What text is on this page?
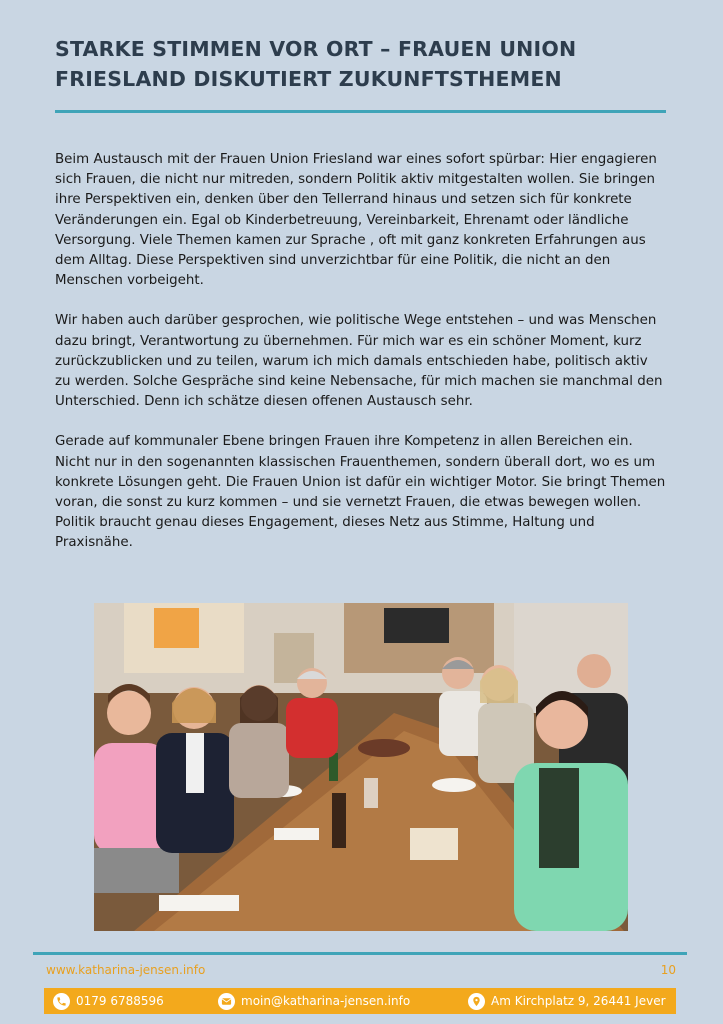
STARKE STIMMEN VOR ORT – FRAUEN UNION FRIESLAND DISKUTIERT ZUKUNFTSTHEMEN

Beim Austausch mit der Frauen Union Friesland war eines sofort spürbar: Hier engagieren sich Frauen, die nicht nur mitreden, sondern Politik aktiv mitgestalten wollen. Sie bringen ihre Perspektiven ein, denken über den Tellerrand hinaus und setzen sich für konkrete Veränderungen ein. Egal ob Kinderbetreuung, Vereinbarkeit, Ehrenamt oder ländliche Versorgung. Viele Themen kamen zur Sprache , oft mit ganz konkreten Erfahrungen aus dem Alltag. Diese Perspektiven sind unverzichtbar für eine Politik, die nicht an den Menschen vorbeigeht.

Wir haben auch darüber gesprochen, wie politische Wege entstehen – und was Menschen dazu bringt, Verantwortung zu übernehmen. Für mich war es ein schöner Moment, kurz zurückzublicken und zu teilen, warum ich mich damals entschieden habe, politisch aktiv zu werden. Solche Gespräche sind keine Nebensache, für mich machen sie manchmal den Unterschied. Denn ich schätze diesen offenen Austausch sehr.

Gerade auf kommunaler Ebene bringen Frauen ihre Kompetenz in allen Bereichen ein. Nicht nur in den sogenannten klassischen Frauenthemen, sondern überall dort, wo es um konkrete Lösungen geht. Die Frauen Union ist dafür ein wichtiger Motor. Sie bringt Themen voran, die sonst zu kurz kommen – und sie vernetzt Frauen, die etwas bewegen wollen. Politik braucht genau dieses Engagement, dieses Netz aus Stimme, Haltung und Praxisnähe.

www.katharina-jensen.info	10
0179 6788596	moin@katharina-jensen.info	Am Kirchplatz 9, 26441 Jever
